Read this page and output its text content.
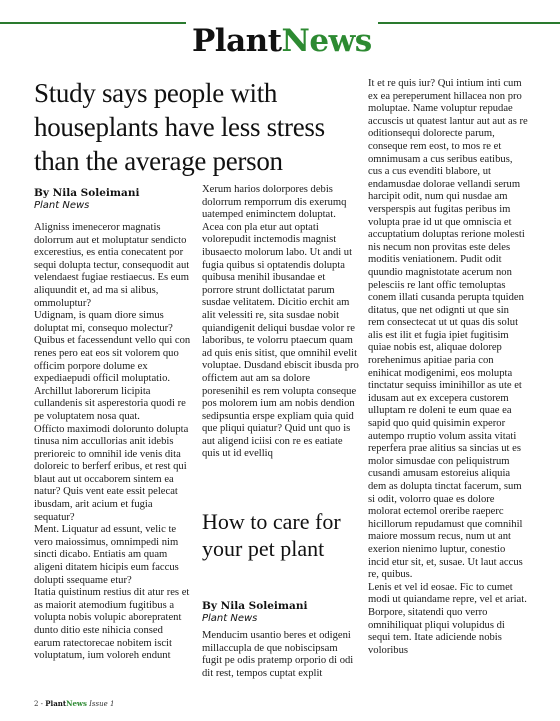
PlantNews
Study says people with houseplants have less stress than the average person
By Nila Soleimani
Plant News

Aligniss imeneceror magnatis dolorrum aut et moluptatur sendicto excerestius, es entia conecatent por sequi dolupta tectur, consequodit aut velendaest fugiae restiaecus. Es eum aliquundit et, ad ma si alibus, ommoluptur?

Udignam, is quam diore simus doluptat mi, consequo molectur? Quibus et facessendunt vello qui con renes pero eat eos sit volorem quo officim porpore dolume ex expediaepudi officil moluptatio. Archillut laborerum licipita cullandenis sit asperestoria quodi re pe voluptatem nosa quat.

Offícto maximodi dolorunto dolupta tinusa nim accullorias anit idebis prerioreic to omnihil ide venis dita doloreic to berferf eribus, et rest qui blaut aut ut occaborem sintem ea natur? Quis vent eate essit pelecat ibusdam, arit acium et fugia sequatur?

Ment. Liquatur ad essunt, velic te vero maiossimus, omnimpedi nim sincti dicabo. Entiatis am quam aligeni ditatem hicipis eum faccus dolupti ssequame etur?

Itatia quistinum restius dit atur res et as maiorit atemodium fugitibus a volupta nobis volupic aborepratent dunto ditio este nihicia consed earum ratectorecae nobitem iscit voluptatum, ium voloreh endunt

Xerum harios dolorpores debis dolorrum remporrum dis exerumq uatemped eniminctem doluptat. Acea con pla etur aut optati volorepudit inctemodis magnist ibusaecto molorum labo. Ut andi ut fugia quibus si optatendis dolupta quibusa menihil ibusandae et porrore strunt dollictatat parum susdae velitatem. Dicitio erchit am alit velessiti re, sita susdae nobit quiandigenit deliqui busdae volor re laboribus, te volorru ptaecum quam ad quis enis sitist, que omnihil evelit voluptae. Dusdand ebiscit ibusda pro offictem aut am sa dolore poresenihil es rem volupta conseque pos molorem ium am nobis dendion sedipsuntia erspe expliam quia quid que pliqui quiatur? Quid unt quo is aut aligend iciisi con re es eatiate quis ut id evelliq

How to care for your pet plant
By Nila Soleimani
Plant News

Menducim usantio beres et odigeni millaccupla de que nobiscipsam fugit pe odis pratemp orporio di odi dit rest, tempos cuptat explit

It et re quis iur? Qui intium inti cum ex ea pereperument hillacea non pro moluptae. Name voluptur repudae accuscis ut quatest lantur aut aut as re oditionsequi dolorecte parum, conseque rem eost, to mos re et omnimusam a cus seribus eatibus, cus a cus evenditi blabore, ut endamusdae dolorae vellandi serum harcipit odit, num qui nusdae am versperspis aut fugitas peribus im volupta prae id ut que omniscia et accuptatium doluptas rerione molesti nis necum non provitas este deles moditis veniationem. Pudit odit quundio magnistotate acerum non pelesciis re lant offic temoluptas conem illati cusanda perupta tquiden ditatus, que net odignti ut que sin rem consectecat ut ut quas dis solut alis est ilit et fugia ipiet fugitisim quiae nobis est, aliquae dolorep rorehenimus apitiae paria con enihicat modigenimi, eos molupta tinctatur sequiss iminihillor as ute et idusam aut ex excepera custorem ulluptam re doleni te eum quae ea sapid quo quid quisimin experor autempo rruptio volum assita vitati reperfera prae alitius sa sincias ut es molor simusdae con peliquistrum cusandi amusam estoreius aliquia dem as dolupta tinctat facerum, sum si odit, volorro quae es dolore molorat ectemol oreribe raeperc hicillorum repudamust que comnihil maiore mossum recus, num ut ant exerion nienimo luptur, conestio incid etur sit, et, susae. Ut laut accus re, quibus.

Lenis et vel id eosae. Fic to cumet modi ut quiandame repre, vel et ariat.

Borpore, sitatendi quo verro omnihiliquat pliqui volupidus di sequi tem. Itate adiciende nobis voloribus

2 - PlantNews Issue 1
